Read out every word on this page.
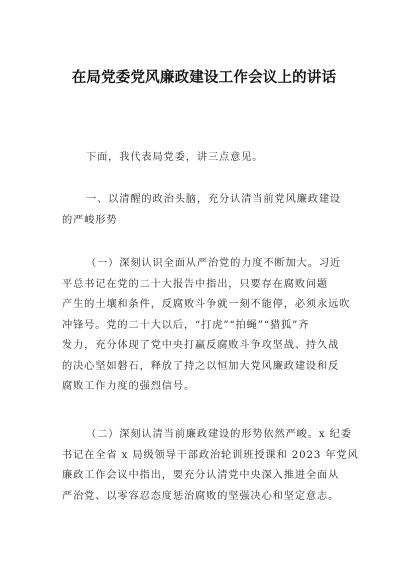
在局党委党风廉政建设工作会议上的讲话
下面，我代表局党委，讲三点意见。
一、以清醒的政治头脑，充分认清当前党风廉政建设
的严峻形势
（一）深刻认识全面从严治党的力度不断加大。习近
平总书记在党的二十大报告中指出，只要存在腐败问题
产生的土壤和条件，反腐败斗争就一刻不能停，必须永远吹
冲锋号。党的二十大以后，“打虎”“拍蝇”“猎狐”齐
发力，充分体现了党中央打赢反腐败斗争攻坚战、持久战
的决心坚如磐石，释放了持之以恒加大党风廉政建设和反
腐败工作力度的强烈信号。
（二）深刻认清当前廉政建设的形势依然严峻。x 纪委
书记在全省 x 局级领导干部政治轮训班授课和 2023 年党风
廉政工作会议中指出，要充分认清党中央深入推进全面从
严治党、以零容忍态度惩治腐败的坚强决心和坚定意志。
